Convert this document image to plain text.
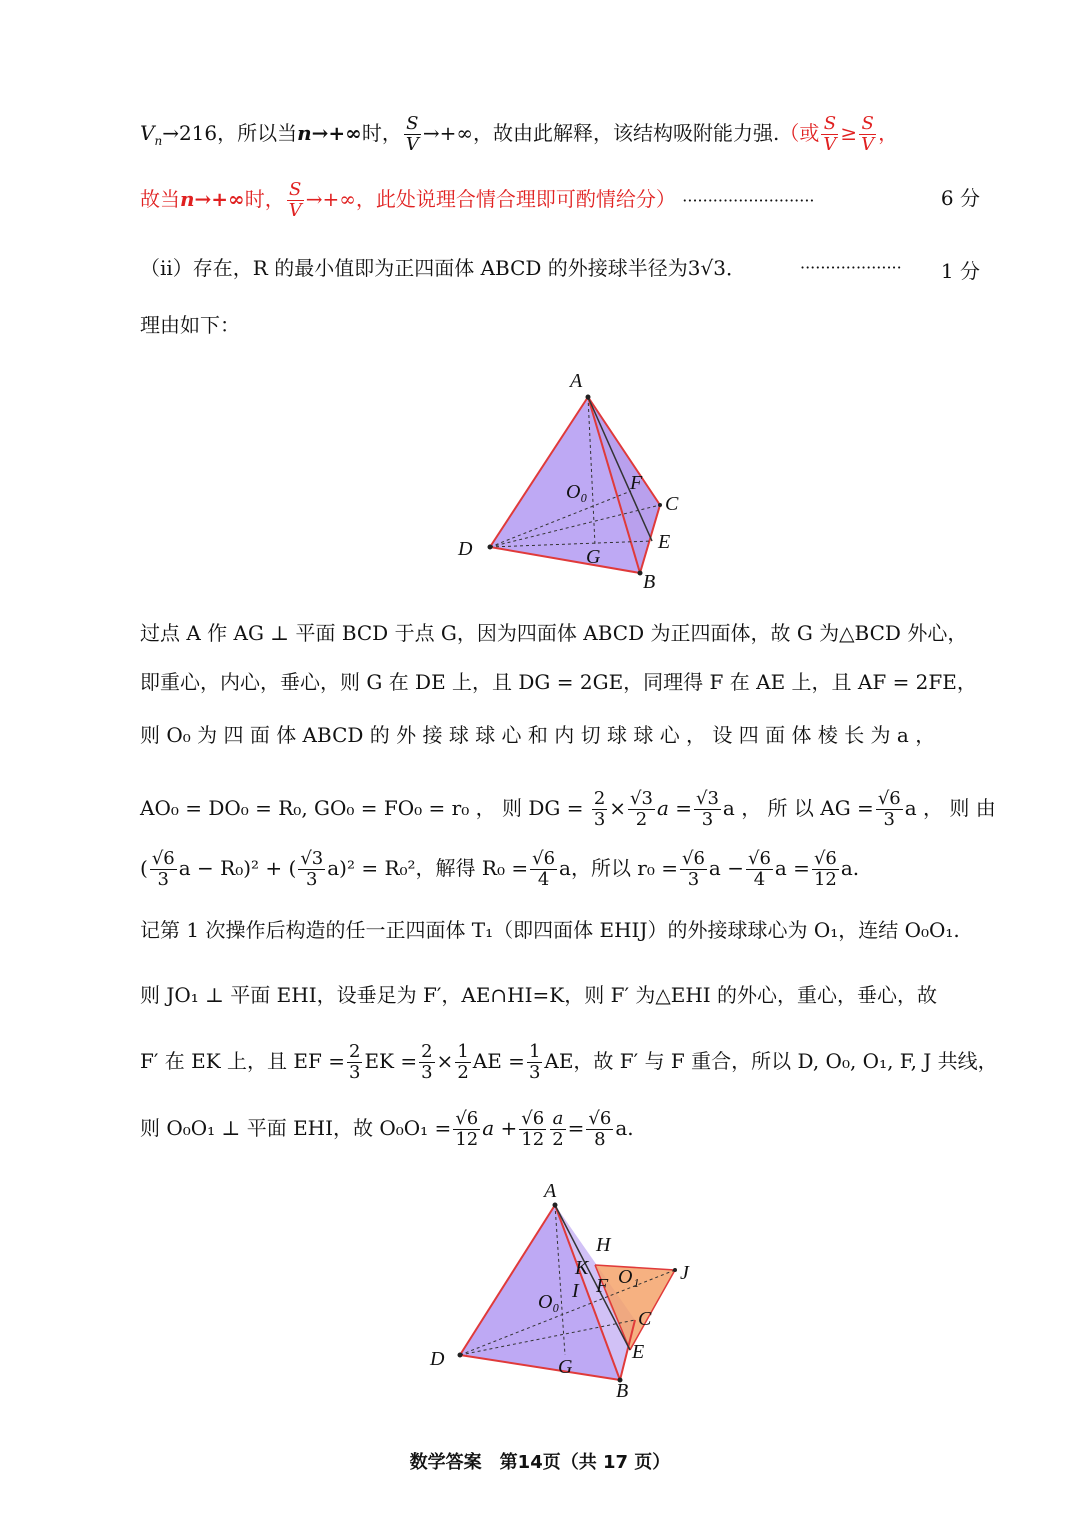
$V_n\to 216$，所以当n→+∞时， $\frac{S}{V}$ →+∞，故由此解释，该结构吸附能力强.（或 $\frac{S}{V} \ge \frac{S}{V}$ ，
故当n→+∞时， $\frac{S}{V}$ →+∞，此处说理合情合理即可酌情给分） ··························	6 分
（ii）存在，R 的最小值即为正四面体 ABCD 的外接球半径为3√3．	····················	1 分
理由如下：
A
F
C
O₀
E
D	G
B
过点 A 作 AG ⊥ 平面 BCD 于点 G，因为四面体 ABCD 为正四面体，故 G 为△BCD 外心，
即重心，内心，垂心，则 G 在 DE 上，且 DG = 2GE，同理得 F 在 AE 上，且 AF = 2FE，
则 O₀ 为 四 面 体 ABCD 的 外 接 球 球 心 和 内 切 球 球 心 ， 设 四 面 体 棱 长 为 a ，
AO₀ = DO₀ = R₀, GO₀ = FO₀ = r₀ ， 则 DG = $\frac{2}{3} \times \frac{√3}{2}$ $a = \frac{√3}{3}$ a ， 所 以 AG = $\frac{√6}{3}$ a ， 则 由
( $\frac{√6}{3}$ a − R₀)² + ( $\frac{√3}{3} a)^2 = R_0^2$，解得 $R_0 = \frac{√6}{4}$ a，所以 $r_0 = \frac{√6}{3}$ $a - \frac{√6}{4}$ $a = \frac{√6}{12} a$.
记第 1 次操作后构造的任一正四面体 T₁（即四面体 EHIJ）的外接球球心为 O₁，连结 O₀O₁.
则 JO₁ ⊥ 平面 EHI，设垂足为 F′，AE∩HI=K，则 F′ 为△EHI 的外心，重心，垂心，故
F′ 在 EK 上，且 EF = $\frac{2}{3}$ EK = $\frac{2}{3} \times \frac{1}{2}$ AE = $\frac{1}{3}$ AE，故 F′ 与 F 重合，所以 D, O₀, O₁, F, J 共线，
则 O₀O₁ ⊥ 平面 EHI，故 $O_0O_1 = \frac{√6}{12}$ $a + \frac{√6}{12} \frac{a}{2} = \frac{√6}{8} a$.
A
H
J
K O₁
I F
O₀
C
E
D	G
B
数学答案　第14页（共 17 页）
